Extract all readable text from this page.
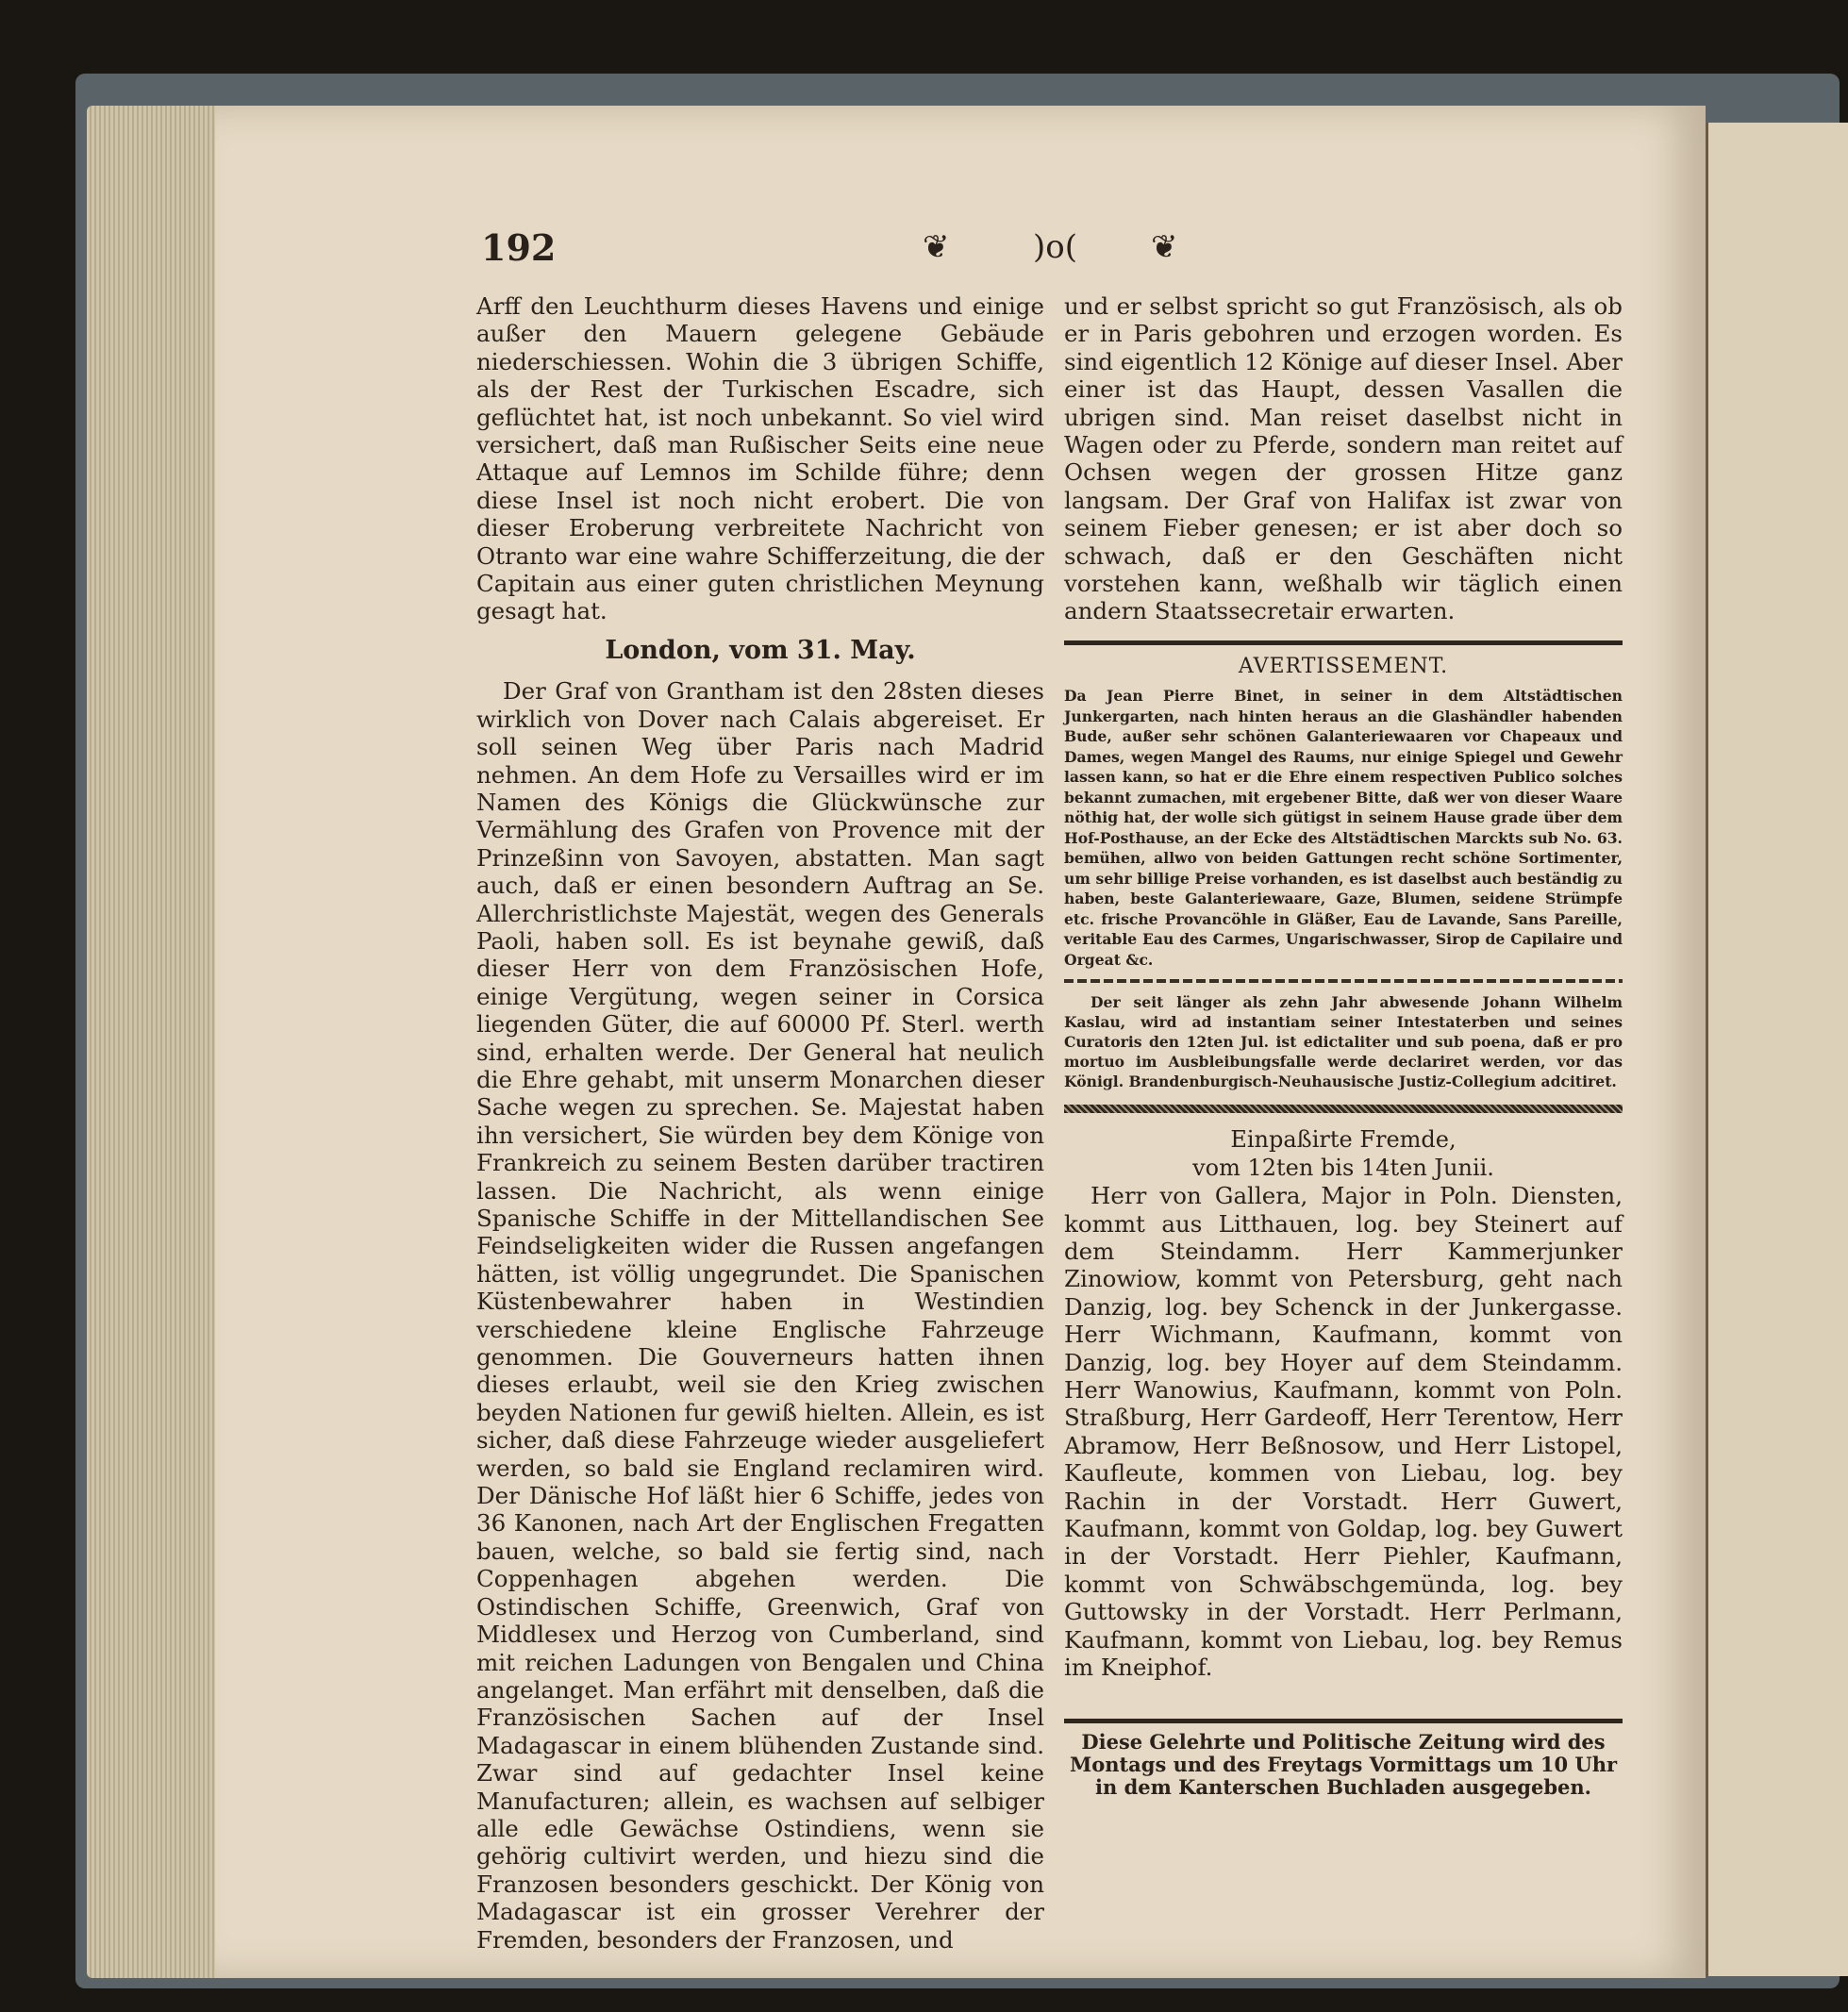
192	❦	)o( ❦

Arff den Leuchthurm dieses Havens und einige außer den Mauern gelegene Gebäude niederschiessen. Wohin die 3 übrigen Schiffe, als der Rest der Turkischen Escadre, sich geflüchtet hat, ist noch unbekannt. So viel wird versichert, daß man Rußischer Seits eine neue Attaque auf Lemnos im Schilde führe; denn diese Insel ist noch nicht erobert. Die von dieser Eroberung verbreitete Nachricht von Otranto war eine wahre Schifferzeitung, die der Capitain aus einer guten christlichen Meynung gesagt hat.

London, vom 31. May.

Der Graf von Grantham ist den 28sten dieses wirklich von Dover nach Calais abgereiset. Er soll seinen Weg über Paris nach Madrid nehmen. An dem Hofe zu Versailles wird er im Namen des Königs die Glückwünsche zur Vermählung des Grafen von Provence mit der Prinzeßinn von Savoyen, abstatten. Man sagt auch, daß er einen besondern Auftrag an Se. Allerchristlichste Majestät, wegen des Generals Paoli, haben soll. Es ist beynahe gewiß, daß dieser Herr von dem Französischen Hofe, einige Vergütung, wegen seiner in Corsica liegenden Güter, die auf 60000 Pf. Sterl. werth sind, erhalten werde. Der General hat neulich die Ehre gehabt, mit unserm Monarchen dieser Sache wegen zu sprechen. Se. Majestat haben ihn versichert, Sie würden bey dem Könige von Frankreich zu seinem Besten darüber tractiren lassen. Die Nachricht, als wenn einige Spanische Schiffe in der Mittellandischen See Feindseligkeiten wider die Russen angefangen hätten, ist völlig ungegrundet. Die Spanischen Küstenbewahrer haben in Westindien verschiedene kleine Englische Fahrzeuge genommen. Die Gouverneurs hatten ihnen dieses erlaubt, weil sie den Krieg zwischen beyden Nationen fur gewiß hielten. Allein, es ist sicher, daß diese Fahrzeuge wieder ausgeliefert werden, so bald sie England reclamiren wird. Der Dänische Hof läßt hier 6 Schiffe, jedes von 36 Kanonen, nach Art der Englischen Fregatten bauen, welche, so bald sie fertig sind, nach Coppenhagen abgehen werden. Die Ostindischen Schiffe, Greenwich, Graf von Middlesex und Herzog von Cumberland, sind mit reichen Ladungen von Bengalen und China angelanget. Man erfährt mit denselben, daß die Französischen Sachen auf der Insel Madagascar in einem blühenden Zustande sind. Zwar sind auf gedachter Insel keine Manufacturen; allein, es wachsen auf selbiger alle edle Gewächse Ostindiens, wenn sie gehörig cultivirt werden, und hiezu sind die Franzosen besonders geschickt. Der König von Madagascar ist ein grosser Verehrer der Fremden, besonders der Franzosen, und

und er selbst spricht so gut Französisch, als ob er in Paris gebohren und erzogen worden. Es sind eigentlich 12 Könige auf dieser Insel. Aber einer ist das Haupt, dessen Vasallen die ubrigen sind. Man reiset daselbst nicht in Wagen oder zu Pferde, sondern man reitet auf Ochsen wegen der grossen Hitze ganz langsam. Der Graf von Halifax ist zwar von seinem Fieber genesen; er ist aber doch so schwach, daß er den Geschäften nicht vorstehen kann, weßhalb wir täglich einen andern Staatssecretair erwarten.

AVERTISSEMENT.

Da Jean Pierre Binet, in seiner in dem Altstädtischen Junkergarten, nach hinten heraus an die Glashändler habenden Bude, außer sehr schönen Galanteriewaaren vor Chapeaux und Dames, wegen Mangel des Raums, nur einige Spiegel und Gewehr lassen kann, so hat er die Ehre einem respectiven Publico solches bekannt zumachen, mit ergebener Bitte, daß wer von dieser Waare nöthig hat, der wolle sich gütigst in seinem Hause grade über dem Hof-Posthause, an der Ecke des Altstädtischen Marckts sub No. 63. bemühen, allwo von beiden Gattungen recht schöne Sortimenter, um sehr billige Preise vorhanden, es ist daselbst auch beständig zu haben, beste Galanteriewaare, Gaze, Blumen, seidene Strümpfe etc. frische Provancöhle in Gläßer, Eau de Lavande, Sans Pareille, veritable Eau des Carmes, Ungarischwasser, Sirop de Capilaire und Orgeat &c.

Der seit länger als zehn Jahr abwesende Johann Wilhelm Kaslau, wird ad instantiam seiner Intestaterben und seines Curatoris den 12ten Jul. ist edictaliter und sub poena, daß er pro mortuo im Ausbleibungsfalle werde declariret werden, vor das Königl. Brandenburgisch-Neuhausische Justiz-Collegium adcitiret.

Einpaßirte Fremde,

vom 12ten bis 14ten Junii.

Herr von Gallera, Major in Poln. Diensten, kommt aus Litthauen, log. bey Steinert auf dem Steindamm. Herr Kammerjunker Zinowiow, kommt von Petersburg, geht nach Danzig, log. bey Schenck in der Junkergasse. Herr Wichmann, Kaufmann, kommt von Danzig, log. bey Hoyer auf dem Steindamm. Herr Wanowius, Kaufmann, kommt von Poln. Straßburg, Herr Gardeoff, Herr Terentow, Herr Abramow, Herr Beßnosow, und Herr Listopel, Kaufleute, kommen von Liebau, log. bey Rachin in der Vorstadt. Herr Guwert, Kaufmann, kommt von Goldap, log. bey Guwert in der Vorstadt. Herr Piehler, Kaufmann, kommt von Schwäbschgemünda, log. bey Guttowsky in der Vorstadt. Herr Perlmann, Kaufmann, kommt von Liebau, log. bey Remus im Kneiphof.

Diese Gelehrte und Politische Zeitung wird des Montags und des Freytags Vormittags um 10 Uhr in dem Kanterschen Buchladen ausgegeben.
